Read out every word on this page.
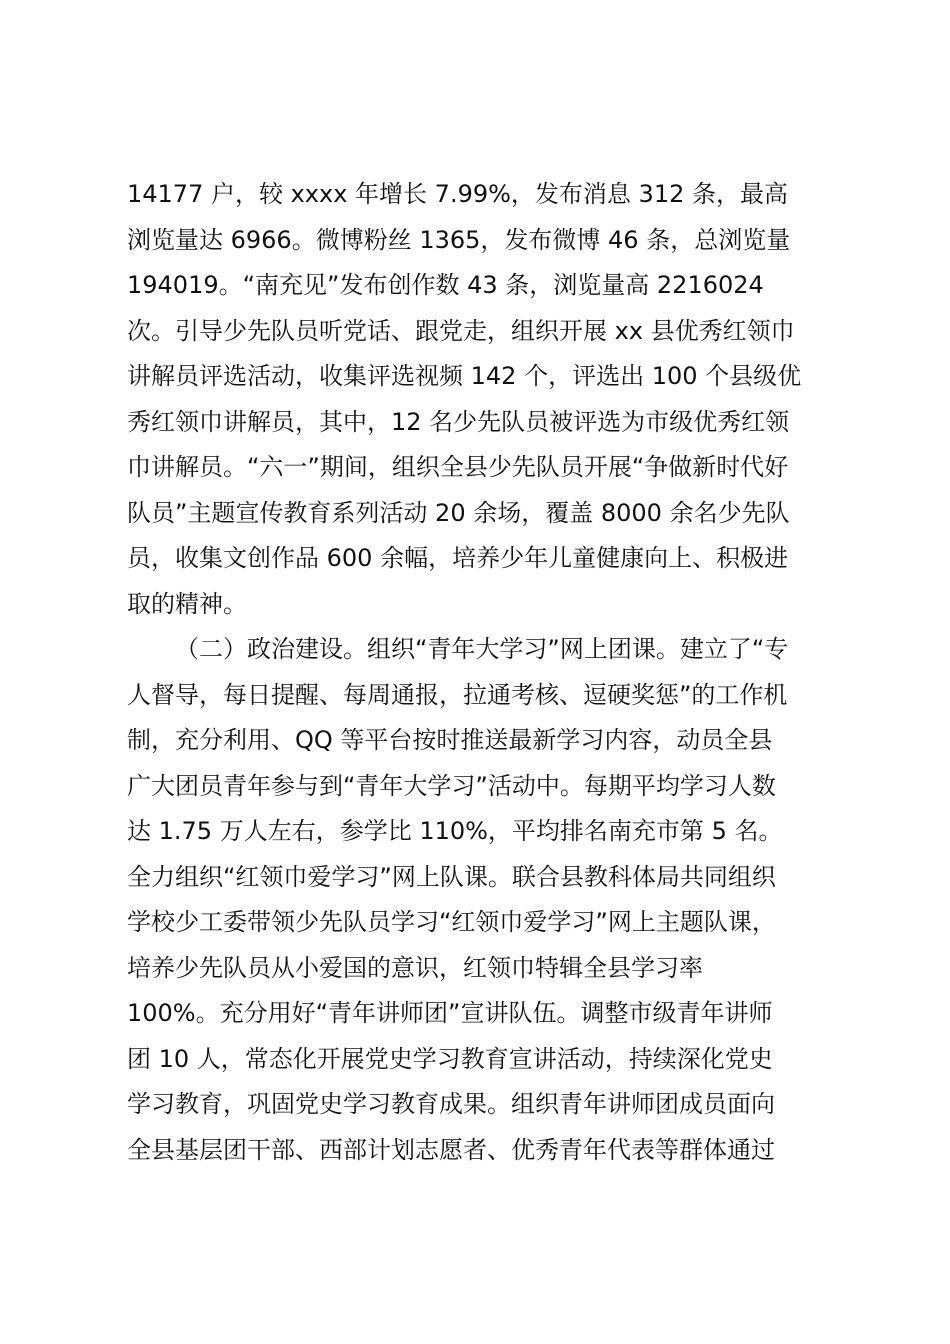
14177 户，较 xxxx 年增长 7.99%，发布消息 312 条，最高
浏览量达 6966。微博粉丝 1365，发布微博 46 条，总浏览量
194019。“南充见”发布创作数 43 条，浏览量高 2216024
次。引导少先队员听党话、跟党走，组织开展 xx 县优秀红领巾
讲解员评选活动，收集评选视频 142 个，评选出 100 个县级优
秀红领巾讲解员，其中，12 名少先队员被评选为市级优秀红领
巾讲解员。“六一”期间，组织全县少先队员开展“争做新时代好
队员”主题宣传教育系列活动 20 余场，覆盖 8000 余名少先队
员，收集文创作品 600 余幅，培养少年儿童健康向上、积极进
取的精神。
（二）政治建设。组织“青年大学习”网上团课。建立了“专
人督导，每日提醒、每周通报，拉通考核、逗硬奖惩”的工作机
制，充分利用、QQ 等平台按时推送最新学习内容，动员全县
广大团员青年参与到“青年大学习”活动中。每期平均学习人数
达 1.75 万人左右，参学比 110%，平均排名南充市第 5 名。
全力组织“红领巾爱学习”网上队课。联合县教科体局共同组织
学校少工委带领少先队员学习“红领巾爱学习”网上主题队课，
培养少先队员从小爱国的意识，红领巾特辑全县学习率
100%。充分用好“青年讲师团”宣讲队伍。调整市级青年讲师
团 10 人，常态化开展党史学习教育宣讲活动，持续深化党史
学习教育，巩固党史学习教育成果。组织青年讲师团成员面向
全县基层团干部、西部计划志愿者、优秀青年代表等群体通过
